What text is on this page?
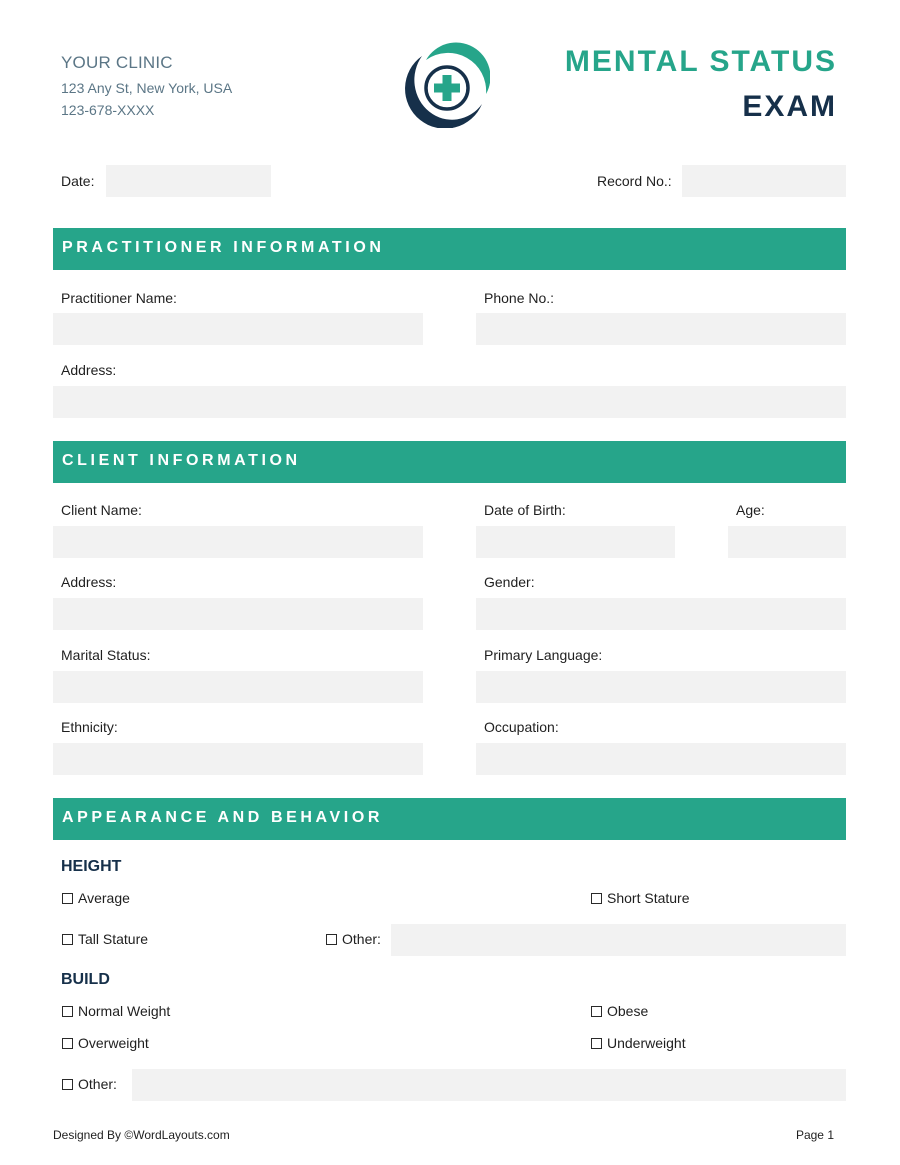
YOUR CLINIC
123 Any St, New York, USA
123-678-XXXX
MENTAL STATUS
EXAM
Date:	Record No.:
PRACTITIONER INFORMATION
Practitioner Name:	Phone No.:
Address:
CLIENT INFORMATION
Client Name:	Date of Birth:	Age:
Address:	Gender:
Marital Status:	Primary Language:
Ethnicity:	Occupation:
APPEARANCE AND BEHAVIOR
HEIGHT
Average	Short Stature
Tall Stature	Other:
BUILD
Normal Weight	Obese
Overweight	Underweight
Other:
Designed By ©WordLayouts.com	Page 1
